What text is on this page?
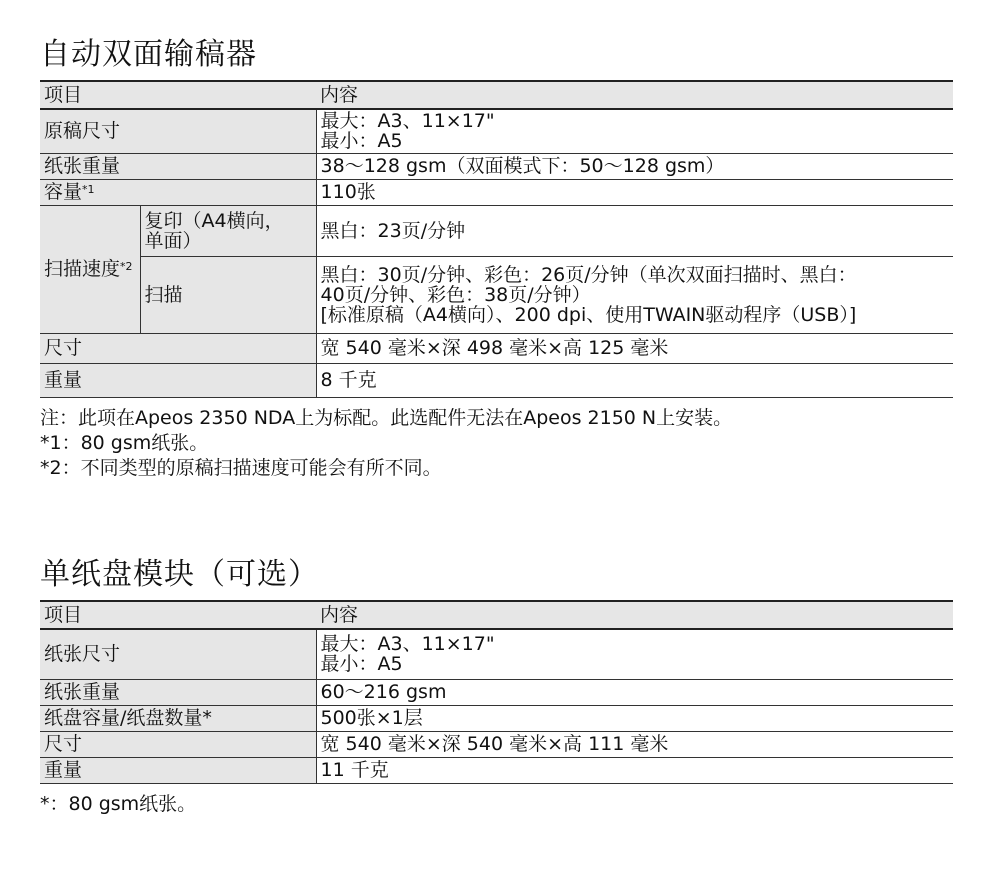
自动双面输稿器
项目		内容
原稿尺寸		最大：A3、11×17"
最小：A5

纸张重量		38～128 gsm（双面模式下：50～128 gsm）
容量$^{*1}$		110张
扫描速度$^{*2}$	复印（A4横向，
单面）	黑白：23页/分钟
	扫描	黑白：30页/分钟、彩色：26页/分钟（单次双面扫描时、黑白：
40页/分钟、彩色：38页/分钟）
[标准原稿（A4横向）、200 dpi、使用TWAIN驱动程序（USB）]

尺寸		宽 540 毫米×深 498 毫米×高 125 毫米
重量		8 千克
注：此项在Apeos 2350 NDA上为标配。此选配件无法在Apeos 2150 N上安装。
*1：80 gsm纸张。
*2：不同类型的原稿扫描速度可能会有所不同。
单纸盘模块（可选）
项目	内容
纸张尺寸	最大：A3、11×17"
最小：A5

纸张重量	60～216 gsm
纸盘容量/纸盘数量*	500张×1层
尺寸	宽 540 毫米×深 540 毫米×高 111 毫米
重量	11 千克
*：80 gsm纸张。
